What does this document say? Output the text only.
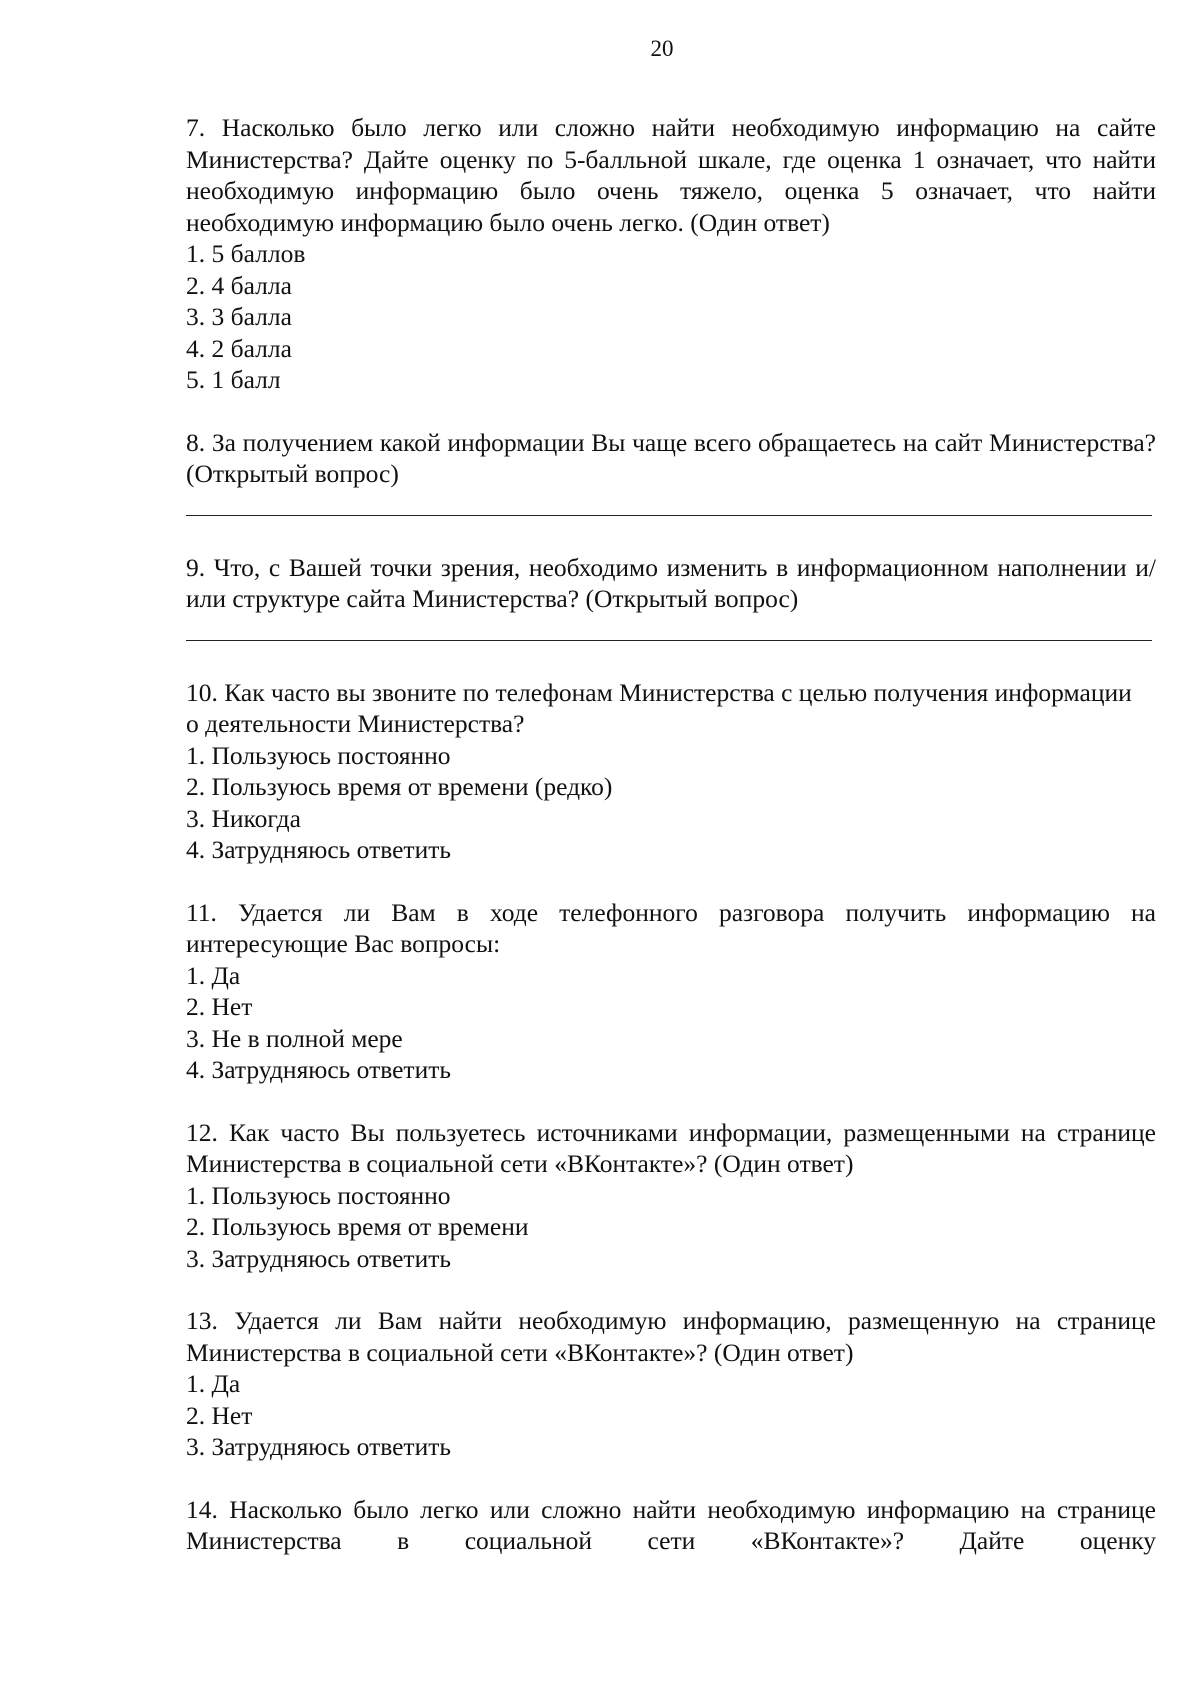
20

7. Насколько было легко или сложно найти необходимую информацию на сайте Министерства? Дайте оценку по 5-балльной шкале, где оценка 1 означает, что найти необходимую информацию было очень тяжело, оценка 5 означает, что найти необходимую информацию было очень легко. (Один ответ)

1. 5 баллов
2. 4 балла
3. 3 балла
4. 2 балла
5. 1 балл

8. За получением какой информации Вы чаще всего обращаетесь на сайт Министерства? (Открытый вопрос)

9. Что, с Вашей точки зрения, необходимо изменить в информационном наполнении и/или структуре сайта Министерства? (Открытый вопрос)

10. Как часто вы звоните по телефонам Министерства с целью получения информации

о деятельности Министерства?

1. Пользуюсь постоянно
2. Пользуюсь время от времени (редко)
3. Никогда
4. Затрудняюсь ответить

11. Удается ли Вам в ходе телефонного разговора получить информацию на интересующие Вас вопросы:

1. Да
2. Нет
3. Не в полной мере
4. Затрудняюсь ответить

12. Как часто Вы пользуетесь источниками информации, размещенными на странице Министерства в социальной сети «ВКонтакте»? (Один ответ)

1. Пользуюсь постоянно
2. Пользуюсь время от времени
3. Затрудняюсь ответить

13. Удается ли Вам найти необходимую информацию, размещенную на странице Министерства в социальной сети «ВКонтакте»? (Один ответ)

1. Да
2. Нет
3. Затрудняюсь ответить

14. Насколько было легко или сложно найти необходимую информацию на странице Министерства в социальной сети «ВКонтакте»? Дайте оценку
